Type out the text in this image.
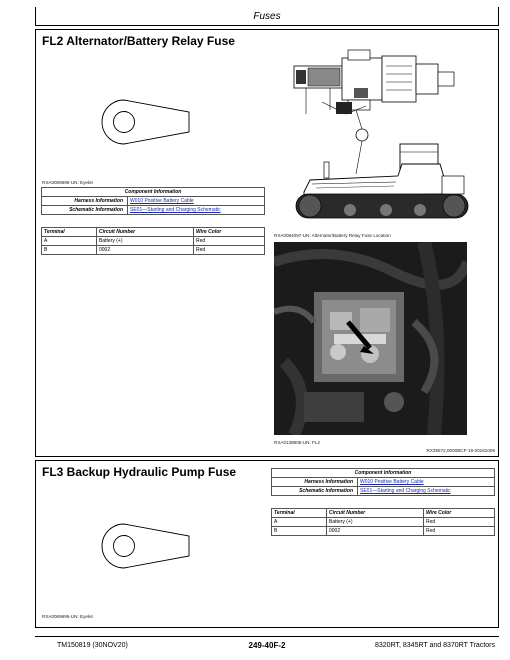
Fuses
FL2 Alternator/Battery Relay Fuse
RXA0069695-UN: Eyelet
Component Information	
Harness Information	W010 Positive Battery Cable
Schematic Information	SE01—Starting and Charging Schematic
Terminal	Circuit Number	Wire Color
A	Battery (+)	Red
B	0002	Red
RXA0084097-UN: Alternator/Battery Relay Fuse Location
RXA0138805-UN: FL2
RX35672,0000BCF-19-20181006
FL3 Backup Hydraulic Pump Fuse
RXA0069695-UN: Eyelet
Component Information	
Harness Information	W010 Positive Battery Cable
Schematic Information	SE01—Starting and Charging Schematic
Terminal	Circuit Number	Wire Color
A	Battery (+)	Red
B	0002	Red
TM150819 (30NOV20)	249-40F-2	8320RT, 8345RT and 8370RT Tractors
